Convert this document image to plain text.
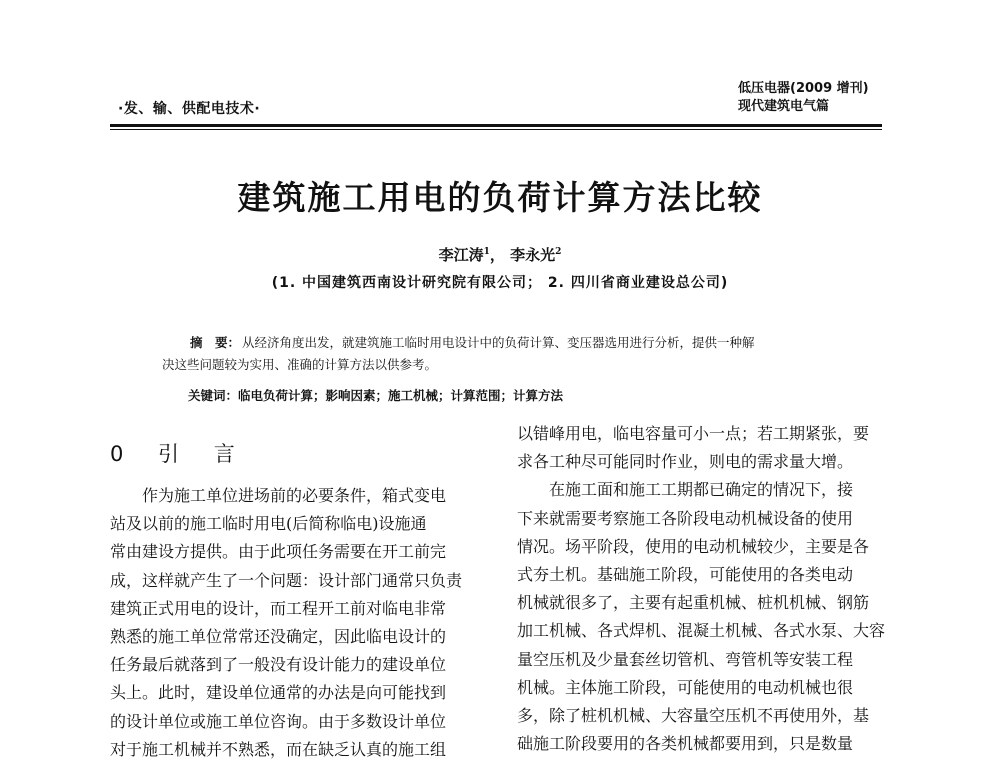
·发、输、供配电技术·
低压电器(2009 增刊)
现代建筑电气篇
建筑施工用电的负荷计算方法比较
李江涛$^1$， 李永光$^2$
(1. 中国建筑西南设计研究院有限公司； 2. 四川省商业建设总公司)
摘　要： 从经济角度出发，就建筑施工临时用电设计中的负荷计算、变压器选用进行分析，提供一种解
决这些问题较为实用、准确的计算方法以供参考。
关键词：临电负荷计算；影响因素；施工机械；计算范围；计算方法
0 引 言
　　作为施工单位进场前的必要条件，箱式变电
站及以前的施工临时用电(后简称临电)设施通
常由建设方提供。由于此项任务需要在开工前完
成，这样就产生了一个问题：设计部门通常只负责
建筑正式用电的设计，而工程开工前对临电非常
熟悉的施工单位常常还没确定，因此临电设计的
任务最后就落到了一般没有设计能力的建设单位
头上。此时，建设单位通常的办法是向可能找到
的设计单位或施工单位咨询。由于多数设计单位
对于施工机械并不熟悉，而在缺乏认真的施工组
以错峰用电，临电容量可小一点；若工期紧张，要
求各工种尽可能同时作业，则电的需求量大增。
　　在施工面和施工工期都已确定的情况下，接
下来就需要考察施工各阶段电动机械设备的使用
情况。场平阶段，使用的电动机械较少，主要是各
式夯土机。基础施工阶段，可能使用的各类电动
机械就很多了，主要有起重机械、桩机机械、钢筋
加工机械、各式焊机、混凝土机械、各式水泵、大容
量空压机及少量套丝切管机、弯管机等安装工程
机械。主体施工阶段，可能使用的电动机械也很
多，除了桩机机械、大容量空压机不再使用外，基
础施工阶段要用的各类机械都要用到，只是数量
